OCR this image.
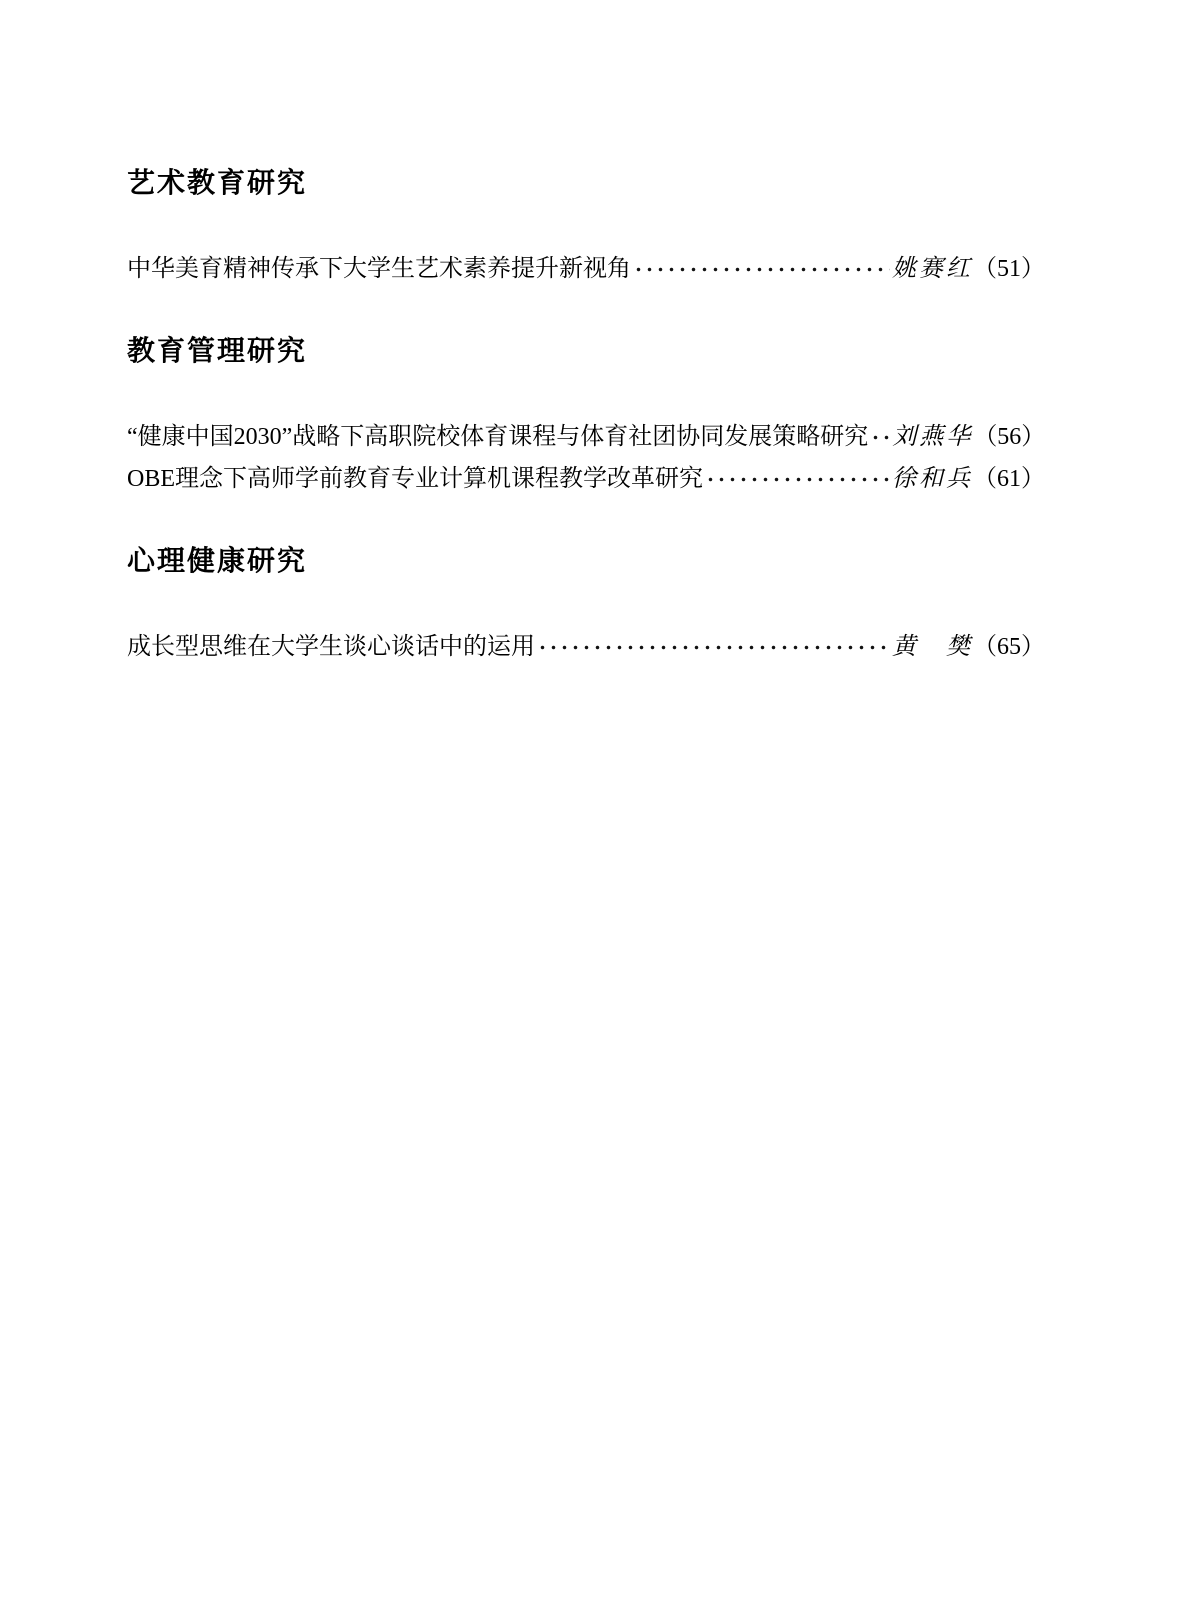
艺术教育研究
中华美育精神传承下大学生艺术素养提升新视角	姚赛红 （51）
教育管理研究
“健康中国2030”战略下高职院校体育课程与体育社团协同发展策略研究 刘燕华 （56）
OBE理念下高师学前教育专业计算机课程教学改革研究	徐和兵 （61）
心理健康研究
成长型思维在大学生谈心谈话中的运用	黄　樊 （65）
